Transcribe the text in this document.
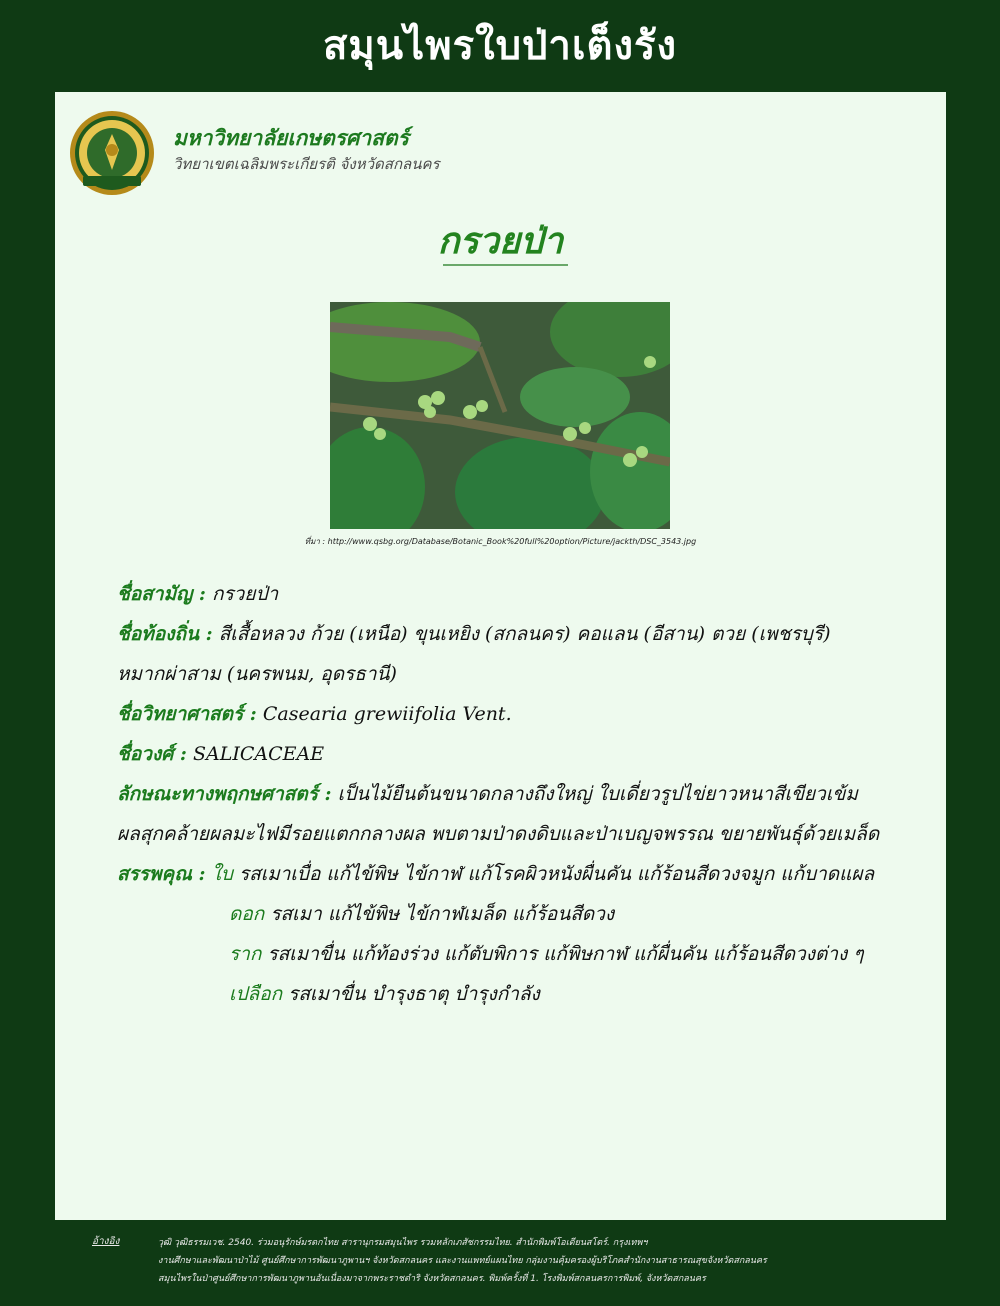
สมุนไพรใบป่าเต็งรัง
มหาวิทยาลัยเกษตรศาสตร์
วิทยาเขตเฉลิมพระเกียรติ จังหวัดสกลนคร
กรวยป่า
ที่มา : http://www.qsbg.org/Database/Botanic_Book%20full%20option/Picture/jackth/DSC_3543.jpg
ชื่อสามัญ : กรวยป่า
ชื่อท้องถิ่น : สีเสื้อหลวง ก้วย (เหนือ) ขุนเหยิง (สกลนคร) คอแลน (อีสาน) ตวย (เพชรบุรี)
หมากผ่าสาม (นครพนม, อุดรธานี)
ชื่อวิทยาศาสตร์ : Casearia grewiifolia Vent.
ชื่อวงศ์ : SALICACEAE
ลักษณะทางพฤกษศาสตร์ : เป็นไม้ยืนต้นขนาดกลางถึงใหญ่ ใบเดี่ยวรูปไข่ยาวหนาสีเขียวเข้ม
ผลสุกคล้ายผลมะไฟมีรอยแตกกลางผล พบตามป่าดงดิบและป่าเบญจพรรณ ขยายพันธุ์ด้วยเมล็ด
สรรพคุณ : ใบ รสเมาเบื่อ แก้ไข้พิษ ไข้กาฬ แก้โรคผิวหนังผื่นคัน แก้ร้อนสีดวงจมูก แก้บาดแผล
ดอก รสเมา แก้ไข้พิษ ไข้กาฬเมล็ด แก้ร้อนสีดวง
ราก รสเมาขื่น แก้ท้องร่วง แก้ตับพิการ แก้พิษกาฬ แก้ผื่นคัน แก้ร้อนสีดวงต่าง ๆ
เปลือก รสเมาขื่น บำรุงธาตุ บำรุงกำลัง
อ้างอิง	วุฒิ วุฒิธรรมเวช. 2540. ร่วมอนุรักษ์มรดกไทย สารานุกรมสมุนไพร รวมหลักเภสัชกรรมไทย. สำนักพิมพ์โอเดียนสโตร์. กรุงเทพฯ
งานศึกษาและพัฒนาป่าไม้ ศูนย์ศึกษาการพัฒนาภูพานฯ จังหวัดสกลนคร และงานแพทย์แผนไทย กลุ่มงานคุ้มครองผู้บริโภคสำนักงานสาธารณสุขจังหวัดสกลนคร
สมุนไพรในป่าศูนย์ศึกษาการพัฒนาภูพานอันเนื่องมาจากพระราชดำริ จังหวัดสกลนคร. พิมพ์ครั้งที่ 1. โรงพิมพ์สกลนครการพิมพ์, จังหวัดสกลนคร
